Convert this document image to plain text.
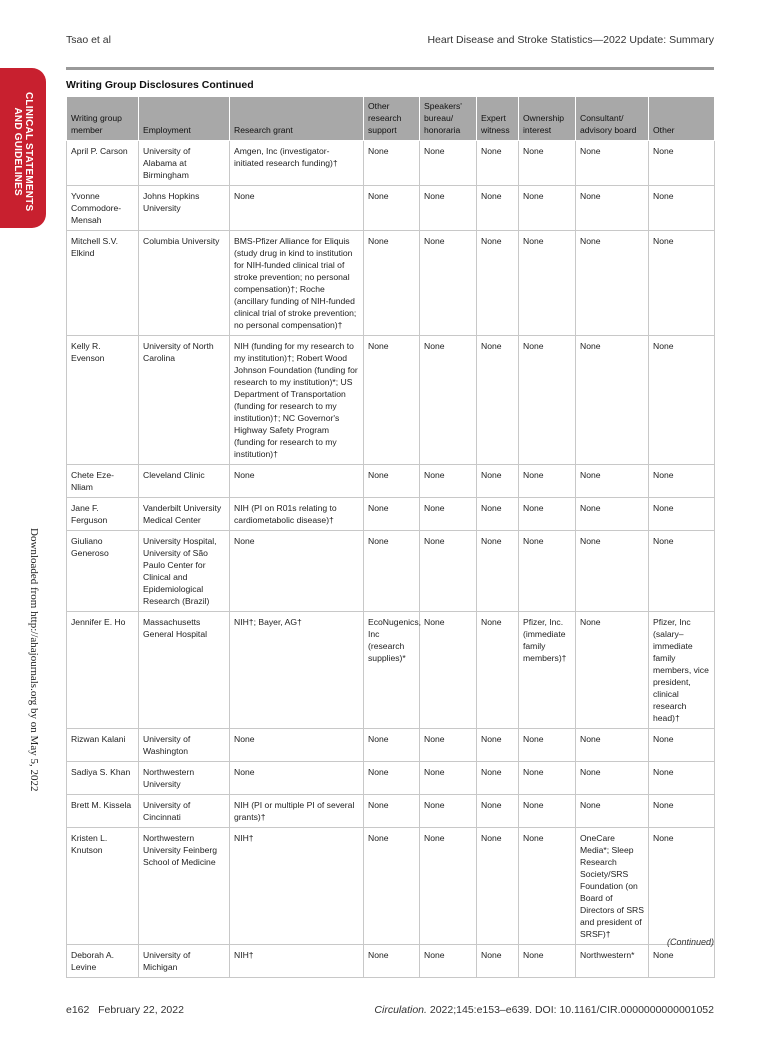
Tsao et al	Heart Disease and Stroke Statistics—2022 Update: Summary
CLINICAL STATEMENTS
AND GUIDELINES
Downloaded from http://ahajournals.org by on May 5, 2022
Writing Group Disclosures Continued
Writing group member	Employment	Research grant	Other research support	Speakers' bureau/ honoraria	Expert witness	Ownership interest	Consultant/ advisory board	Other
April P. Carson	University of Alabama at Birmingham	Amgen, Inc (investigator-initiated research funding)†	None	None	None	None	None	None
Yvonne Commodore-Mensah	Johns Hopkins University	None	None	None	None	None	None	None
Mitchell S.V. Elkind	Columbia University	BMS-Pfizer Alliance for Eliquis (study drug in kind to institution for NIH-funded clinical trial of stroke prevention; no personal compensation)†; Roche (ancillary funding of NIH-funded clinical trial of stroke prevention; no personal compensation)†	None	None	None	None	None	None
Kelly R. Evenson	University of North Carolina	NIH (funding for my research to my institution)†; Robert Wood Johnson Foundation (funding for research to my institution)*; US Department of Transportation (funding for research to my institution)†; NC Governor's Highway Safety Program (funding for research to my institution)†	None	None	None	None	None	None
Chete Eze-Nliam	Cleveland Clinic	None	None	None	None	None	None	None
Jane F. Ferguson	Vanderbilt University Medical Center	NIH (PI on R01s relating to cardiometabolic disease)†	None	None	None	None	None	None
Giuliano Generoso	University Hospital, University of São Paulo Center for Clinical and Epidemiological Research (Brazil)	None	None	None	None	None	None	None
Jennifer E. Ho	Massachusetts General Hospital	NIH†; Bayer, AG†	EcoNugenics, Inc (research supplies)*	None	None	Pfizer, Inc. (immediate family members)†	None	Pfizer, Inc (salary–immediate family members, vice president, clinical research head)†
Rizwan Kalani	University of Washington	None	None	None	None	None	None	None
Sadiya S. Khan	Northwestern University	None	None	None	None	None	None	None
Brett M. Kissela	University of Cincinnati	NIH (PI or multiple PI of several grants)†	None	None	None	None	None	None
Kristen L. Knutson	Northwestern University Feinberg School of Medicine	NIH†	None	None	None	None	OneCare Media*; Sleep Research Society/SRS Foundation (on Board of Directors of SRS and president of SRSF)†	None
Deborah A. Levine	University of Michigan	NIH†	None	None	None	None	Northwestern*	None
(Continued)
e162 February 22, 2022	Circulation. 2022;145:e153–e639. DOI: 10.1161/CIR.0000000000001052
